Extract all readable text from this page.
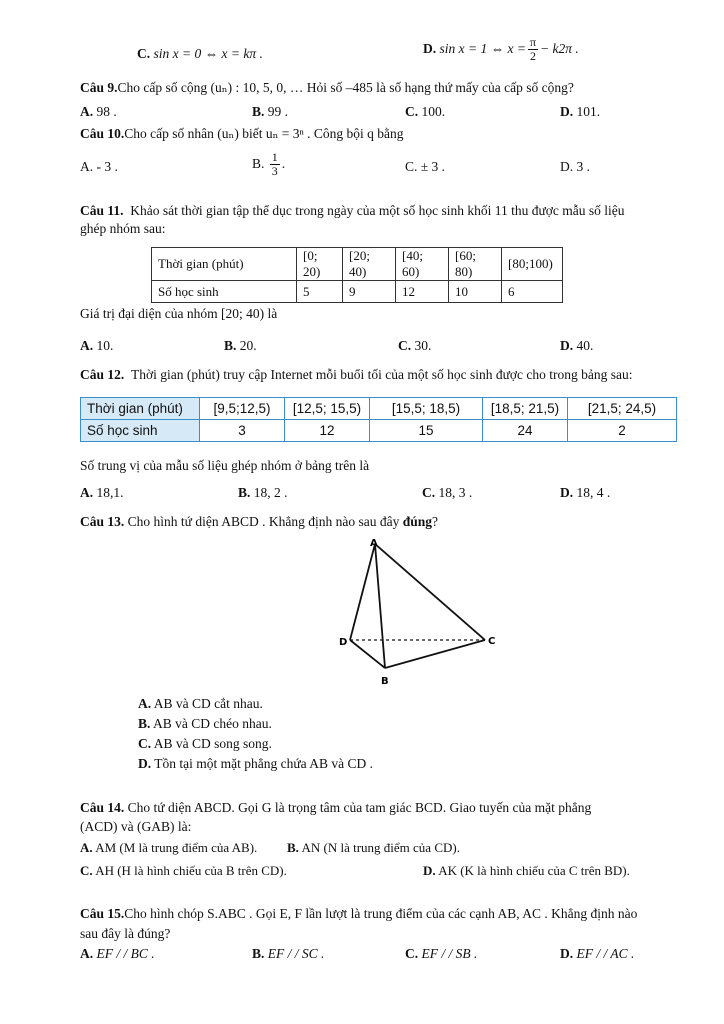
C. sin x = 0 ⇔ x = kπ .	D. sin x = 1 ⇔ $x = \frac{\pi}{2} - k2\pi$ .
Câu 9.Cho cấp số cộng (uₙ) : 10, 5, 0, … Hỏi số –485 là số hạng thứ mấy của cấp số cộng?
A. 98 .	B. 99 .	C. 100.	D. 101.
Câu 10.Cho cấp số nhân (uₙ) biết uₙ = 3ⁿ . Công bội q bằng
A. - 3 .	B. $\frac{1}{3}$ .	C. ± 3 .	D. 3 .
Câu 11. Khảo sát thời gian tập thể dục trong ngày của một số học sinh khối 11 thu được mẫu số liệu
ghép nhóm sau:
Thời gian (phút)	[0; 20)	[20; 40)	[40; 60)	[60; 80)	[80;100)
Số học sinh	5	9	12	10	6
Giá trị đại diện của nhóm [20; 40) là
A. 10.	B. 20.	C. 30.	D. 40.
Câu 12. Thời gian (phút) truy cập Internet mỗi buổi tối của một số học sinh được cho trong bảng sau:
Thời gian (phút)	[9,5;12,5)	[12,5; 15,5)	[15,5; 18,5)	[18,5; 21,5)	[21,5; 24,5)
Số học sinh	3	12	15	24	2
Số trung vị của mẫu số liệu ghép nhóm ở bảng trên là
A. 18,1.	B. 18, 2 .	C. 18, 3 .	D. 18, 4 .
Câu 13. Cho hình tứ diện ABCD . Khẳng định nào sau đây đúng?
A
D	C
B
A. AB và CD cắt nhau.
B. AB và CD chéo nhau.
C. AB và CD song song.
D. Tồn tại một mặt phẳng chứa AB và CD .
Câu 14. Cho tứ diện ABCD. Gọi G là trọng tâm của tam giác BCD. Giao tuyến của mặt phẳng
(ACD) và (GAB) là:
A. AM (M là trung điểm của AB). B. AN (N là trung điểm của CD).
C. AH (H là hình chiếu của B trên CD).	D. AK (K là hình chiếu của C trên BD).
Câu 15.Cho hình chóp S.ABC . Gọi E, F lần lượt là trung điểm của các cạnh AB, AC . Khẳng định nào
sau đây là đúng?
A. EF / / BC .	B. EF / / SC .	C. EF / / SB .	D. EF / / AC .
